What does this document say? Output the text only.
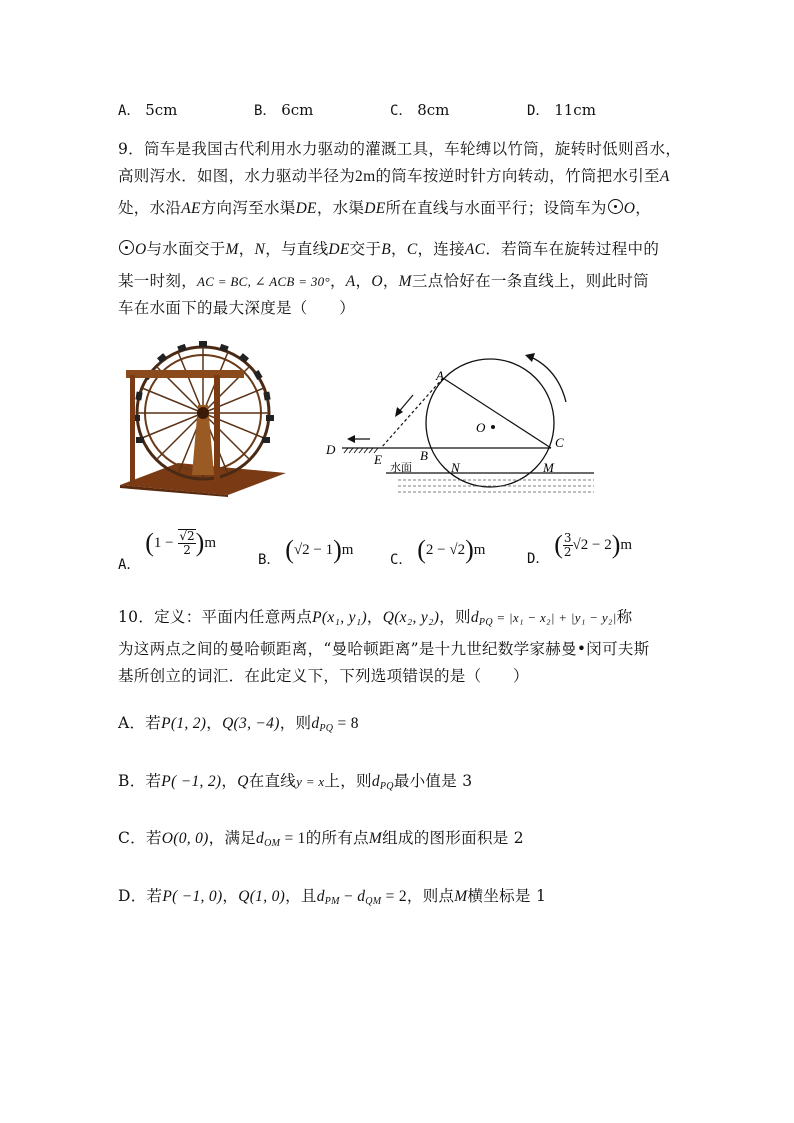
A． 5cm	B． 6cm	C． 8cm	D． 11cm
9．筒车是我国古代利用水力驱动的灌溉工具，车轮缚以竹筒，旋转时低则舀水，
高则泻水．如图，水力驱动半径为2m的筒车按逆时针方向转动，竹筒把水引至A
处，水沿AE方向泻至水渠DE，水渠DE所在直线与水面平行；设筒车为 O，
O与水面交于M，N，与直线DE交于B，C，连接AC．若筒车在旋转过程中的
某一时刻，AC = BC, ∠ ACB = 30°，A，O，M三点恰好在一条直线上，则此时筒
车在水面下的最大深度是（　　）
A
O
C
D
E	B
N	M
水面
A． $(1 - \frac{√2}{2} )m$
B． (√2 − 1)m
C． (2 − √2)m
D． ( $\frac{3}{2} √2 - 2)m$
10．定义：平面内任意两点P(x₁, y₁)，Q(x₂, y₂)，则$d_{PQ} = |x_1 - x_2| + |y_1 - y_2|$称
为这两点之间的曼哈顿距离，“曼哈顿距离”是十九世纪数学家赫曼•闵可夫斯
基所创立的词汇．在此定义下，下列选项错误的是（　　）
A．若P(1, 2)，Q(3, −4)，则$d_{PQ} = 8$
B．若P( −1, 2)，Q在直线y = x上，则$d_{PQ}$最小值是 3
C．若O(0, 0)，满足$d_{OM} = 1$的所有点M组成的图形面积是 2
D．若P( −1, 0)，Q(1, 0)，且$d_{PM} - d_{QM} = 2$，则点M横坐标是 1
